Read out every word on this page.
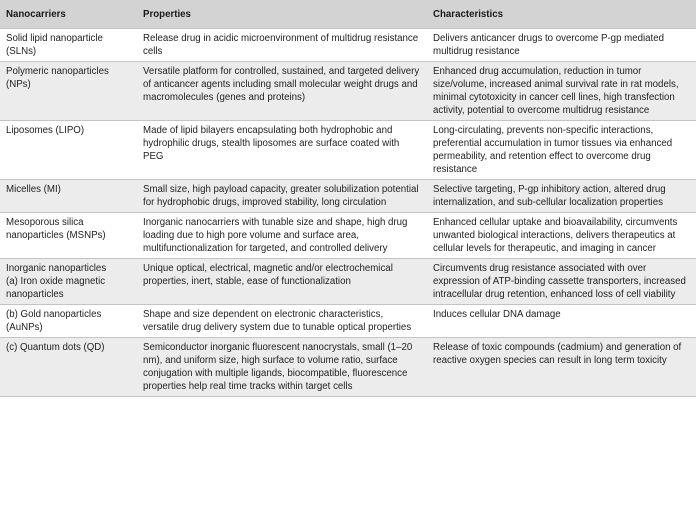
Nanocarriers	Properties	Characteristics
Solid lipid nanoparticle (SLNs)	Release drug in acidic microenvironment of multidrug resistance cells	Delivers anticancer drugs to overcome P-gp mediated multidrug resistance
Polymeric nanoparticles (NPs)	Versatile platform for controlled, sustained, and targeted delivery of anticancer agents including small molecular weight drugs and macromolecules (genes and proteins)	Enhanced drug accumulation, reduction in tumor size/volume, increased animal survival rate in rat models, minimal cytotoxicity in cancer cell lines, high transfection activity, potential to overcome multidrug resistance
Liposomes (LIPO)	Made of lipid bilayers encapsulating both hydrophobic and hydrophilic drugs, stealth liposomes are surface coated with PEG	Long-circulating, prevents non-specific interactions, preferential accumulation in tumor tissues via enhanced permeability, and retention effect to overcome drug resistance
Micelles (MI)	Small size, high payload capacity, greater solubilization potential for hydrophobic drugs, improved stability, long circulation	Selective targeting, P-gp inhibitory action, altered drug internalization, and sub-cellular localization properties
Mesoporous silica nanoparticles (MSNPs)	Inorganic nanocarriers with tunable size and shape, high drug loading due to high pore volume and surface area, multifunctionalization for targeted, and controlled delivery	Enhanced cellular uptake and bioavailability, circumvents unwanted biological interactions, delivers therapeutics at cellular levels for therapeutic, and imaging in cancer

Inorganic nanoparticles
(a) Iron oxide magnetic nanoparticles	Unique optical, electrical, magnetic and/or electrochemical properties, inert, stable, ease of functionalization	Circumvents drug resistance associated with over expression of ATP-binding cassette transporters, increased intracellular drug retention, enhanced loss of cell viability
(b) Gold nanoparticles (AuNPs)	Shape and size dependent on electronic characteristics, versatile drug delivery system due to tunable optical properties	Induces cellular DNA damage
(c) Quantum dots (QD)	Semiconductor inorganic fluorescent nanocrystals, small (1–20 nm), and uniform size, high surface to volume ratio, surface conjugation with multiple ligands, biocompatible, fluorescence properties help real time tracks within target cells	Release of toxic compounds (cadmium) and generation of reactive oxygen species can result in long term toxicity
